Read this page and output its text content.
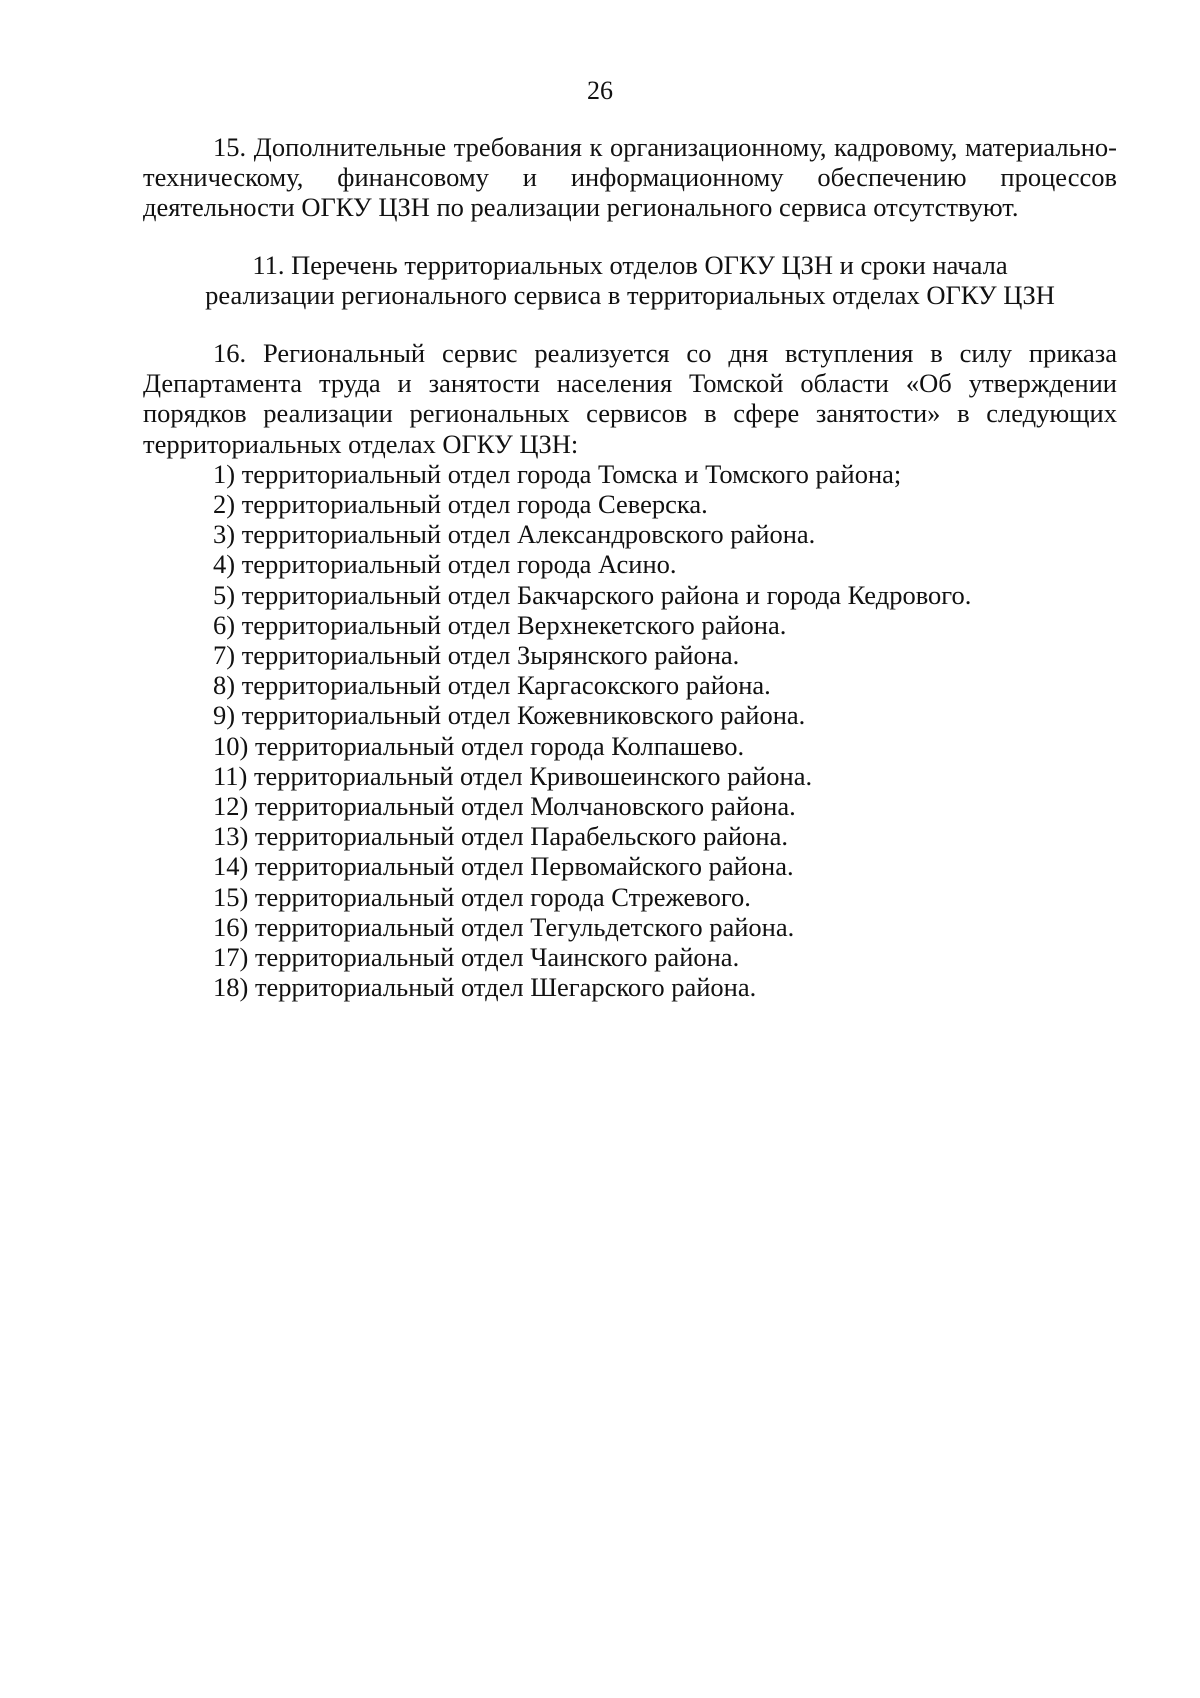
26

15. Дополнительные требования к организационному, кадровому, материально-техническому, финансовому и информационному обеспечению процессов деятельности ОГКУ ЦЗН по реализации регионального сервиса отсутствуют.

11. Перечень территориальных отделов ОГКУ ЦЗН и сроки начала
реализации регионального сервиса в территориальных отделах ОГКУ ЦЗН

16. Региональный сервис реализуется со дня вступления в силу приказа Департамента труда и занятости населения Томской области «Об утверждении порядков реализации региональных сервисов в сфере занятости» в следующих территориальных отделах ОГКУ ЦЗН:

1) территориальный отдел города Томска и Томского района;
2) территориальный отдел города Северска.
3) территориальный отдел Александровского района.
4) территориальный отдел города Асино.
5) территориальный отдел Бакчарского района и города Кедрового.
6) территориальный отдел Верхнекетского района.
7) территориальный отдел Зырянского района.
8) территориальный отдел Каргасокского района.
9) территориальный отдел Кожевниковского района.
10) территориальный отдел города Колпашево.
11) территориальный отдел Кривошеинского района.
12) территориальный отдел Молчановского района.
13) территориальный отдел Парабельского района.
14) территориальный отдел Первомайского района.
15) территориальный отдел города Стрежевого.
16) территориальный отдел Тегульдетского района.
17) территориальный отдел Чаинского района.
18) территориальный отдел Шегарского района.
